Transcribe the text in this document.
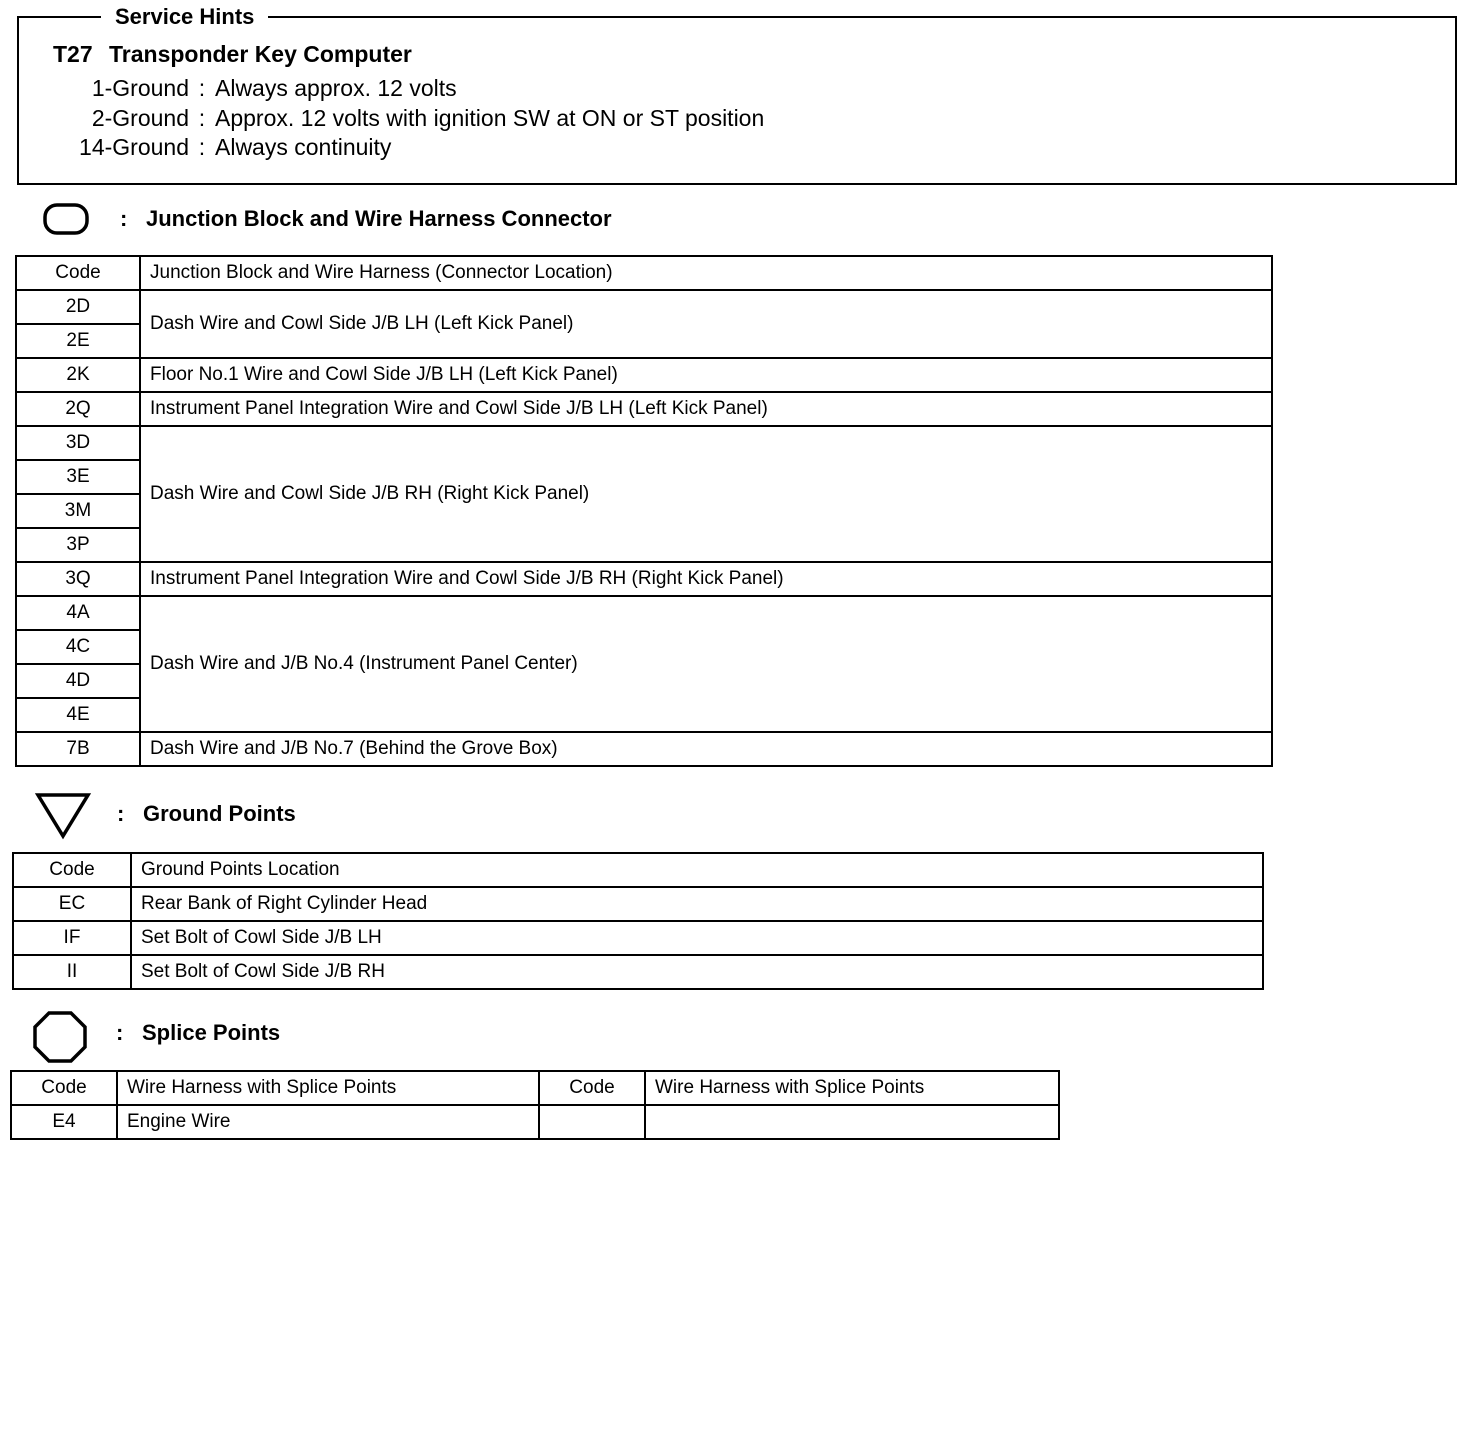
Service Hints
T27 Transponder Key Computer
1-Ground : Always approx. 12 volts
2-Ground : Approx. 12 volts with ignition SW at ON or ST position
14-Ground : Always continuity
: Junction Block and Wire Harness Connector
Code	Junction Block and Wire Harness (Connector Location)
2D	Dash Wire and Cowl Side J/B LH (Left Kick Panel)
2E	
2K	Floor No.1 Wire and Cowl Side J/B LH (Left Kick Panel)
2Q	Instrument Panel Integration Wire and Cowl Side J/B LH (Left Kick Panel)
3D	Dash Wire and Cowl Side J/B RH (Right Kick Panel)
3E	
3M	
3P	
3Q	Instrument Panel Integration Wire and Cowl Side J/B RH (Right Kick Panel)
4A	Dash Wire and J/B No.4 (Instrument Panel Center)
4C	
4D	
4E	
7B	Dash Wire and J/B No.7 (Behind the Grove Box)
: Ground Points
Code	Ground Points Location
EC	Rear Bank of Right Cylinder Head
IF	Set Bolt of Cowl Side J/B LH
II	Set Bolt of Cowl Side J/B RH
: Splice Points
Code	Wire Harness with Splice Points	Code	Wire Harness with Splice Points
E4	Engine Wire		
